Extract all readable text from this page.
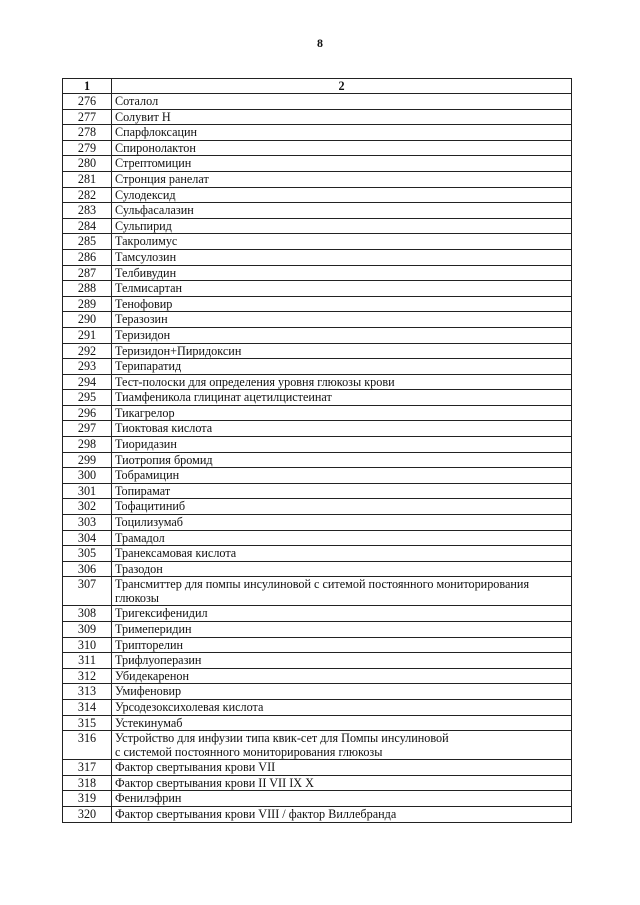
8
1	2
276	Соталол
277	Солувит Н
278	Спарфлоксацин
279	Спиронолактон
280	Стрептомицин
281	Стронция ранелат
282	Сулодексид
283	Сульфасалазин
284	Сульпирид
285	Такролимус
286	Тамсулозин
287	Телбивудин
288	Телмисартан
289	Тенофовир
290	Теразозин
291	Теризидон
292	Теризидон+Пиридоксин
293	Терипаратид
294	Тест-полоски для определения уровня глюкозы крови
295	Тиамфеникола глицинат ацетилцистеинат
296	Тикагрелор
297	Тиоктовая кислота
298	Тиоридазин
299	Тиотропия бромид
300	Тобрамицин
301	Топирамат
302	Тофацитиниб
303	Тоцилизумаб
304	Трамадол
305	Транексамовая кислота
306	Тразодон
307	Трансмиттер для помпы инсулиновой с ситемой постоянного мониторирования
глюкозы
308	Тригексифенидил
309	Тримеперидин
310	Трипторелин
311	Трифлуоперазин
312	Убидекаренон
313	Умифеновир
314	Урсодезоксихолевая кислота
315	Устекинумаб
316	Устройство для инфузии типа квик-сет для Помпы инсулиновой
с системой постоянного мониторирования глюкозы
317	Фактор свертывания крови VII
318	Фактор свертывания крови II VII IX X
319	Фенилэфрин
320	Фактор свертывания крови VIII / фактор Виллебранда
